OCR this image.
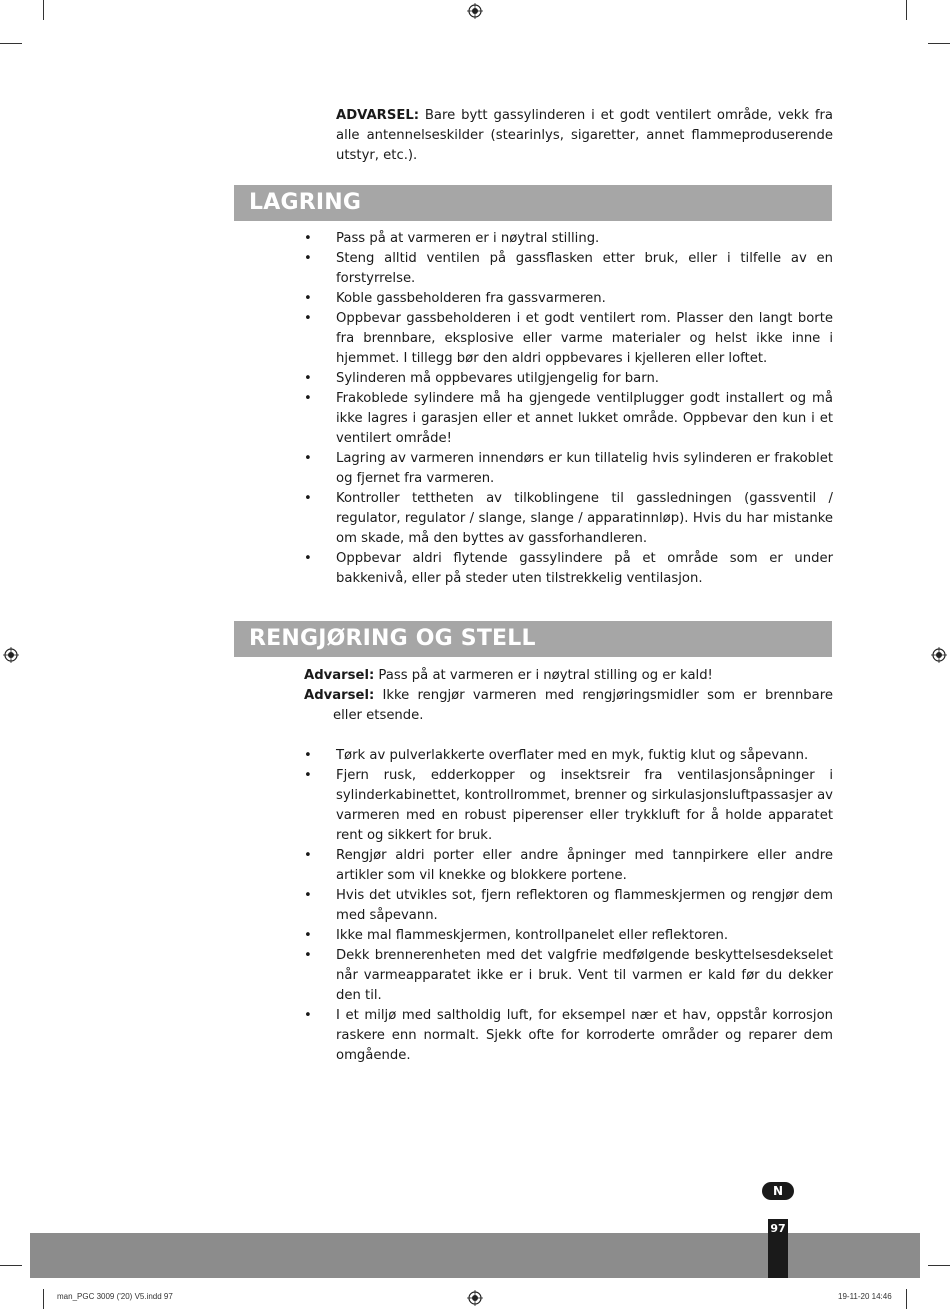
ADVARSEL: Bare bytt gassylinderen i et godt ventilert område, vekk fra alle antennelseskilder (stearinlys, sigaretter, annet flammeproduserende utstyr, etc.).

LAGRING
• Pass på at varmeren er i nøytral stilling.
• Steng alltid ventilen på gassflasken etter bruk, eller i tilfelle av en forstyrrelse.
• Koble gassbeholderen fra gassvarmeren.
• Oppbevar gassbeholderen i et godt ventilert rom. Plasser den langt borte fra brennbare, eksplosive eller varme materialer og helst ikke inne i hjemmet. I tillegg bør den aldri oppbevares i kjelleren eller loftet.
• Sylinderen må oppbevares utilgjengelig for barn.
• Frakoblede sylindere må ha gjengede ventilplugger godt installert og må ikke lagres i garasjen eller et annet lukket område. Oppbevar den kun i et ventilert område!
• Lagring av varmeren innendørs er kun tillatelig hvis sylinderen er frakoblet og fjernet fra varmeren.
• Kontroller tettheten av tilkoblingene til gassledningen (gassventil / regulator, regulator / slange, slange / apparatinnløp). Hvis du har mistanke om skade, må den byttes av gassforhandleren.
• Oppbevar aldri flytende gassylindere på et område som er under bakkenivå, eller på steder uten tilstrekkelig ventilasjon.
RENGJØRING OG STELL

Advarsel: Pass på at varmeren er i nøytral stilling og er kald!

Advarsel: Ikke rengjør varmeren med rengjøringsmidler som er brennbare eller etsende.

• Tørk av pulverlakkerte overflater med en myk, fuktig klut og såpevann.
• Fjern rusk, edderkopper og insektsreir fra ventilasjonsåpninger i sylinderkabinettet, kontrollrommet, brenner og sirkulasjonsluftpassasjer av varmeren med en robust piperenser eller trykkluft for å holde apparatet rent og sikkert for bruk.
• Rengjør aldri porter eller andre åpninger med tannpirkere eller andre artikler som vil knekke og blokkere portene.
• Hvis det utvikles sot, fjern reflektoren og flammeskjermen og rengjør dem med såpevann.
• Ikke mal flammeskjermen, kontrollpanelet eller reflektoren.
• Dekk brennerenheten med det valgfrie medfølgende beskyttelsesdekselet når varmeapparatet ikke er i bruk. Vent til varmen er kald før du dekker den til.
• I et miljø med saltholdig luft, for eksempel nær et hav, oppstår korrosjon raskere enn normalt. Sjekk ofte for korroderte områder og reparer dem omgående.
N
97
man_PGC 3009 ('20) V5.indd 97	19-11-20 14:46
